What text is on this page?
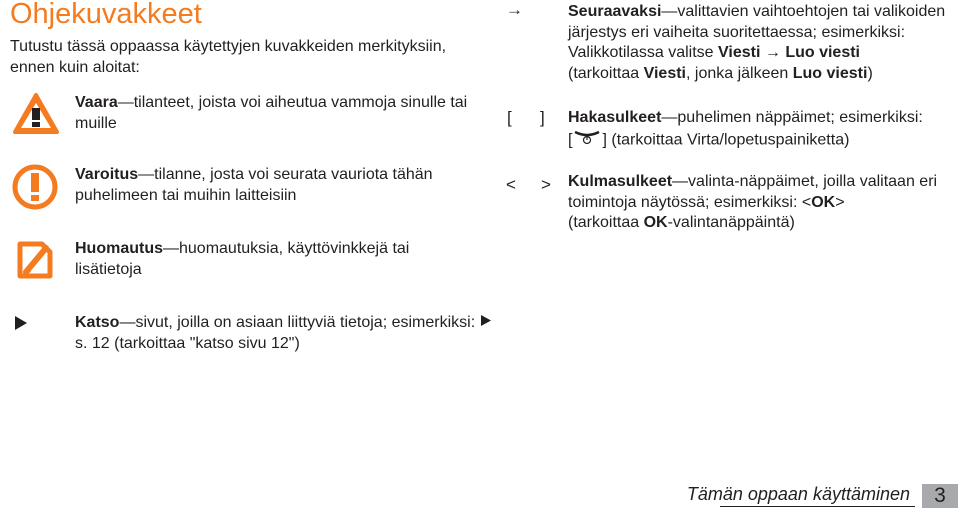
Ohjekuvakkeet
Tutustu tässä oppaassa käytettyjen kuvakkeiden merkityksiin, ennen kuin aloitat:
Vaara—tilanteet, joista voi aiheutua vammoja sinulle tai muille
Varoitus—tilanne, josta voi seurata vauriota tähän puhelimeen tai muihin laitteisiin
Huomautus—huomautuksia, käyttövinkkejä tai lisätietoja
Katso—sivut, joilla on asiaan liittyviä tietoja; esimerkiksi:  s. 12 (tarkoittaa "katso sivu 12")
→	Seuraavaksi—valittavien vaihtoehtojen tai valikoiden järjestys eri vaiheita suoritettaessa; esimerkiksi: Valikkotilassa valitse Viesti → Luo viesti
(tarkoittaa Viesti, jonka jälkeen Luo viesti)
[ ] Hakasulkeet—puhelimen näppäimet; esimerkiksi:
[ ] (tarkoittaa Virta/lopetuspainiketta)
< > Kulmasulkeet—valinta-näppäimet, joilla valitaan eri toimintoja näytössä; esimerkiksi: <OK>
(tarkoittaa OK-valintanäppäintä)
Tämän oppaan käyttäminen	3
